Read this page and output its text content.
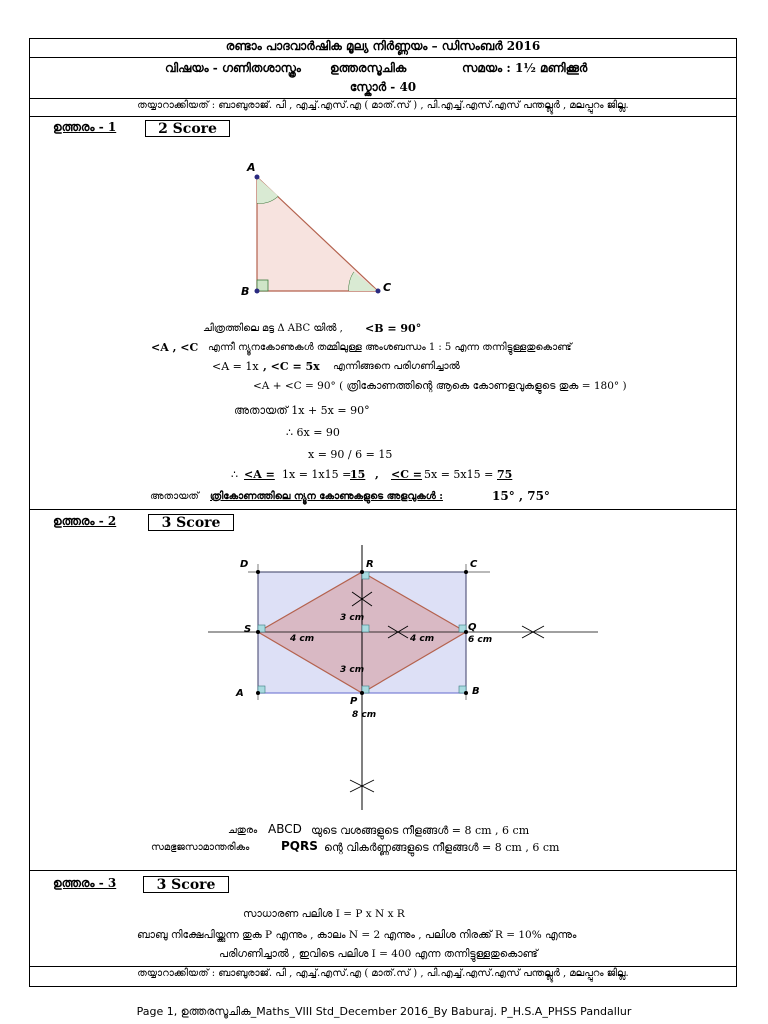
രണ്ടാം പാദവാർഷിക മൂല്യ നിർണ്ണയം – ഡിസംബർ 2016
വിഷയം - ഗണിതശാസ്ത്രം ഉത്തരസൂചിക	സമയം : 1½ മണിക്കൂർ
സ്കോർ - 40
തയ്യാറാക്കിയത് : ബാബുരാജ്. പി , എച്ച്.എസ്.എ ( മാത്.സ് ) , പി.എച്ച്.എസ്.എസ് പന്തല്ലൂർ , മലപ്പുറം ജില്ല.
ഉത്തരം - 1	2 Score
A
B	C
ചിത്രത്തിലെ മട്ട Δ ABC യിൽ , <B = 90°
<A , <C എന്നീ ന്യൂനകോണുകൾ തമ്മിലുള്ള അംശബന്ധം 1 : 5 എന്ന തന്നിട്ടുള്ളതുകൊണ്ട്
<A = 1x , <C = 5x എന്നിങ്ങനെ പരിഗണിച്ചാൽ
<A + <C = 90° ( ത്രികോണത്തിന്റെ ആകെ കോണളവുകളുടെ തുക = 180° )
അതായത് 1x + 5x = 90°
∴ 6x = 90
x = 90 / 6 = 15
∴ <A = 1x = 1x15 =
15 , <C = 5x = 5x15 = 75
അതായത് ത്രികോണത്തിലെ ന്യൂന കോണുകളുടെ അളവുകൾ :	15° , 75°
ഉത്തരം - 2	3 Score
D	R	C
S	Q
A
P
B
3 cm
4 cm	4 cm
3 cm
6 cm
8 cm
ചതുരം ABCD യുടെ വശങ്ങളുടെ നീളങ്ങൾ = 8 cm , 6 cm
സമഭുജസാമാന്തരികം	PQRS ന്റെ വികർണ്ണങ്ങളുടെ നീളങ്ങൾ = 8 cm , 6 cm
ഉത്തരം - 3	3 Score
സാധാരണ പലിശ I = P x N x R
ബാബു നിക്ഷേപിയ്ക്കുന്ന തുക P എന്നും , കാലം N = 2 എന്നും , പലിശ നിരക്ക് R = 10% എന്നും
പരിഗണിച്ചാൽ , ഇവിടെ പലിശ I = 400 എന്ന തന്നിട്ടുള്ളതുകൊണ്ട്
തയ്യാറാക്കിയത് : ബാബുരാജ്. പി , എച്ച്.എസ്.എ ( മാത്.സ് ) , പി.എച്ച്.എസ്.എസ് പന്തല്ലൂർ , മലപ്പുറം ജില്ല.
Page 1, ഉത്തരസൂചിക_Maths_VIII Std_December 2016_By Baburaj. P_H.S.A_PHSS Pandallur
